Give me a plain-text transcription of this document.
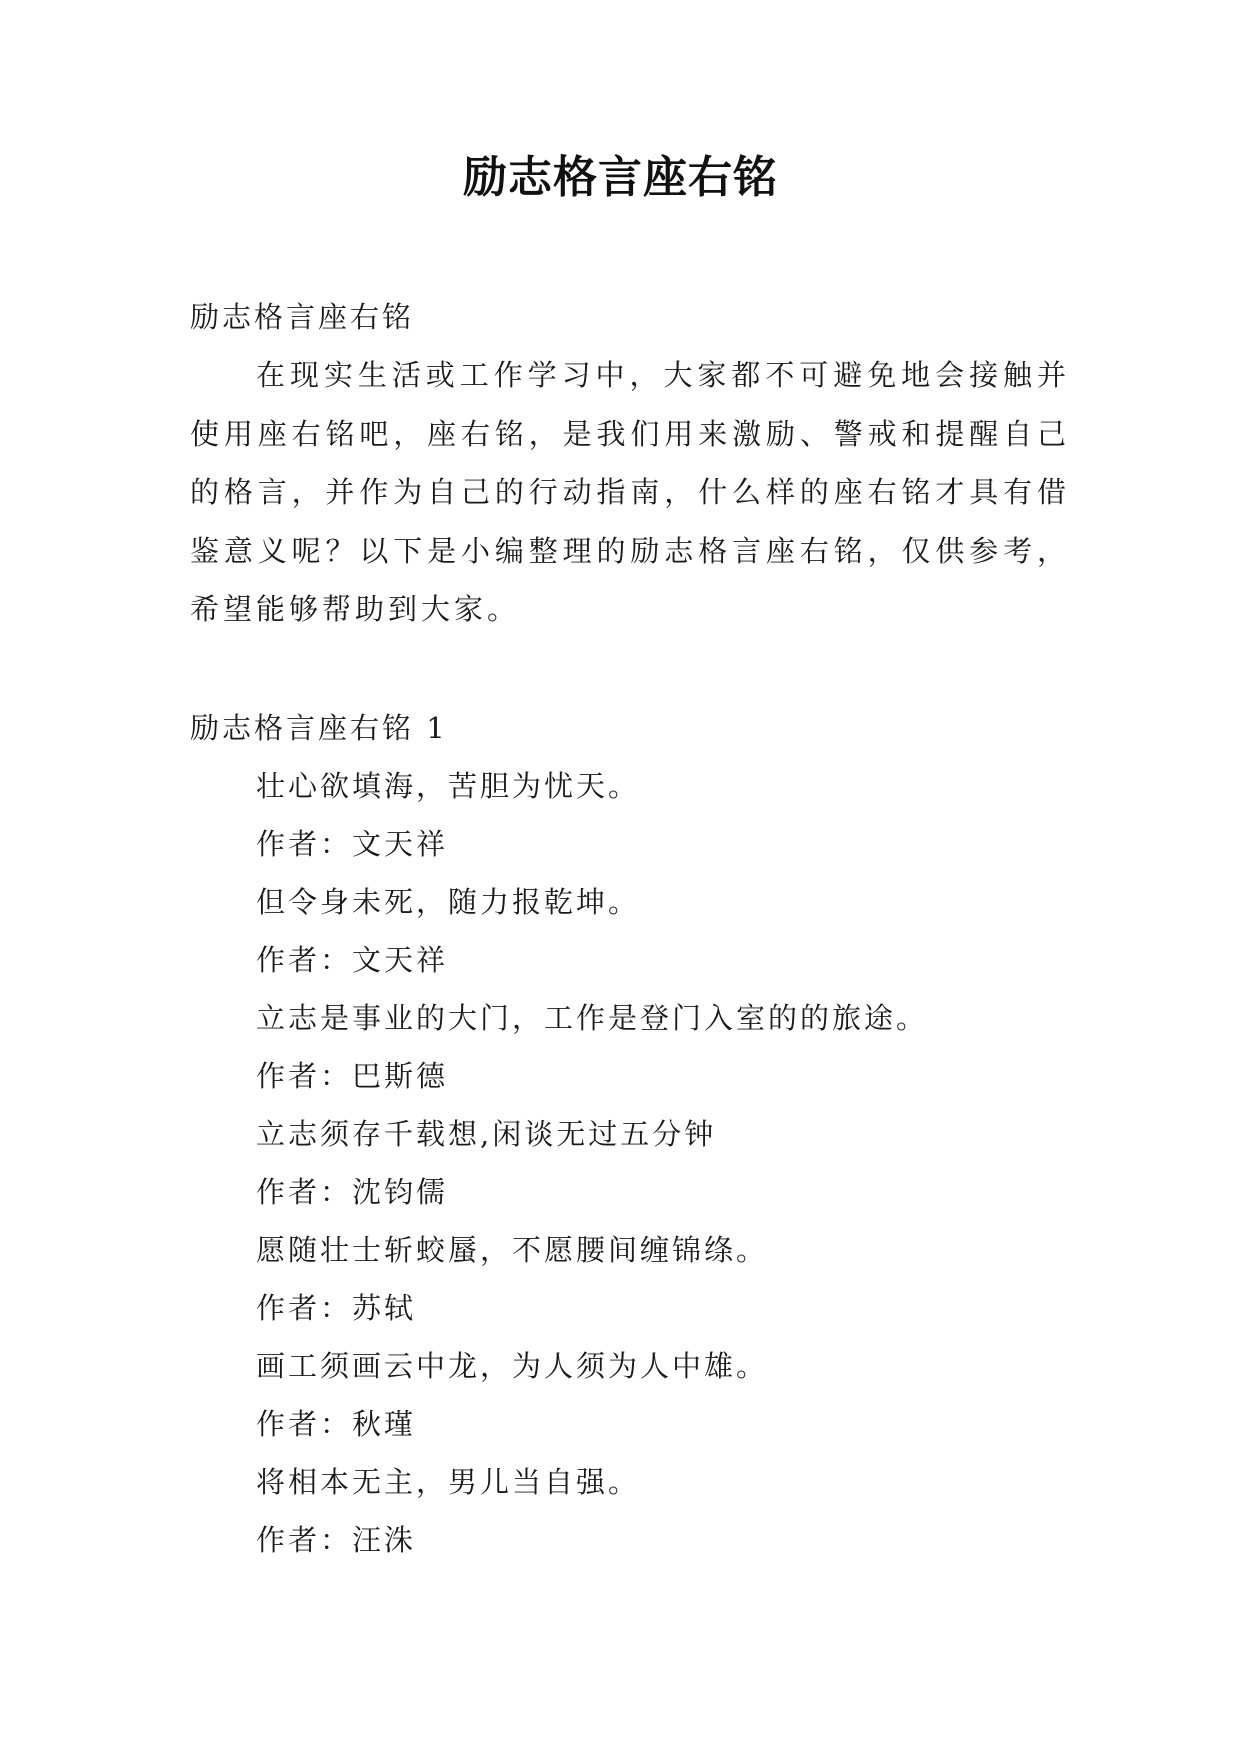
励志格言座右铭
励志格言座右铭
在现实生活或工作学习中，大家都不可避免地会接触并使用座右铭吧，座右铭，是我们用来激励、警戒和提醒自己的格言，并作为自己的行动指南，什么样的座右铭才具有借鉴意义呢？以下是小编整理的励志格言座右铭，仅供参考，希望能够帮助到大家。
励志格言座右铭 1
壮心欲填海，苦胆为忧天。
作者：文天祥
但令身未死，随力报乾坤。
作者：文天祥
立志是事业的大门，工作是登门入室的的旅途。
作者：巴斯德
立志须存千载想,闲谈无过五分钟
作者：沈钧儒
愿随壮士斩蛟蜃，不愿腰间缠锦绦。
作者：苏轼
画工须画云中龙，为人须为人中雄。
作者：秋瑾
将相本无主，男儿当自强。
作者：汪洙
